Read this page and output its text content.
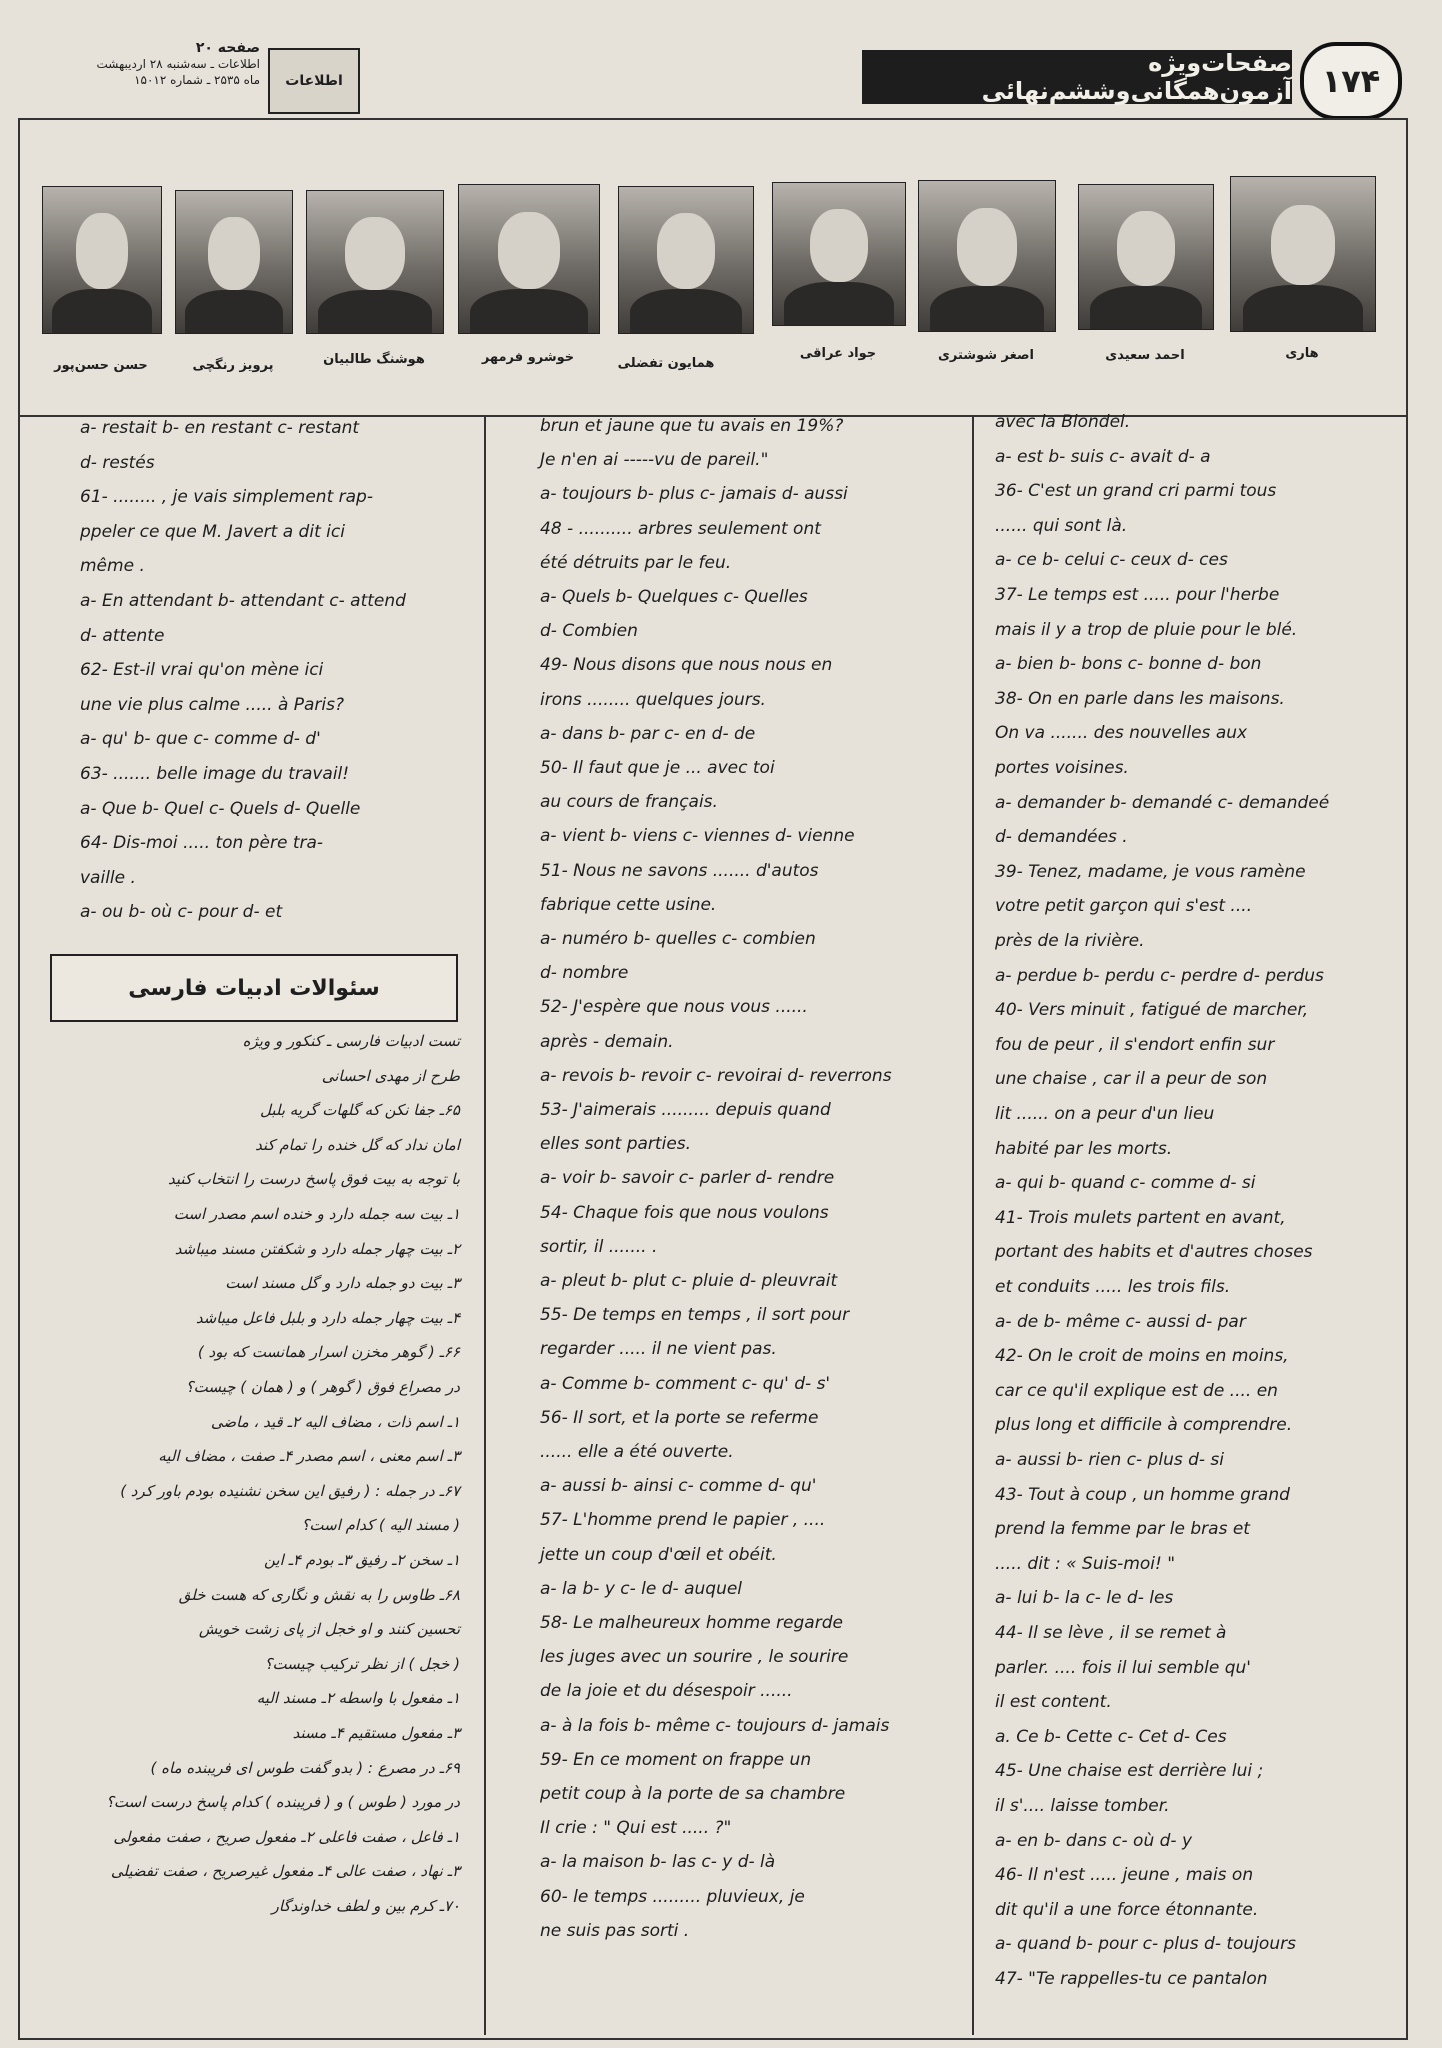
صفحه ۲۰
اطلاعات ـ سه‌شنبه ۲۸ اردیبهشت
ماه ۲۵۳۵ ـ شماره ۱۵۰۱۲	اطلاعات
صفحات‌ویژه آزمون‌همگانی‌و‌ششم‌نهائی ۱۷۴
حسن حسن‌پور	پرویز رنگچی	هوشنگ طالبیان	خوشرو فرمهر	همایون تفضلی
جواد عراقی	اصغر شوشتری	احمد سعیدی	هاری
a- restait b- en restant c- restant
d- restés
61- ........ , je vais simplement rap-
ppeler ce que M. Javert a dit ici
même .
a- En attendant b- attendant c- attend
d- attente
62- Est-il vrai qu'on mène ici
une vie plus calme ..... à Paris?
a- qu' b- que c- comme d- d'
63- ....... belle image du travail!
a- Que b- Quel c- Quels d- Quelle
64- Dis-moi ..... ton père tra-
vaille .
a- ou b- où c- pour d- et
سئوالات ادبیات فارسی
تست ادبیات فارسی ـ کنکور و ویژه
طرح از مهدی احسانی
۶۵ـ جفا نکن که گلهات گریه بلبل
امان نداد که گل خنده را تمام کند
با توجه به بیت فوق پاسخ درست را انتخاب کنید
۱ـ بیت سه جمله دارد و خنده اسم مصدر است
۲ـ بیت چهار جمله دارد و شکفتن مسند میباشد
۳ـ بیت دو جمله دارد و گل مسند است
۴ـ بیت چهار جمله دارد و بلبل فاعل میباشد
۶۶ـ ( گوهر مخزن اسرار همانست که بود )
در مصراع فوق ( گوهر ) و ( همان ) چیست؟
۱ـ اسم ذات ، مضاف الیه ۲ـ قید ، ماضی
۳ـ اسم معنی ، اسم مصدر ۴ـ صفت ، مضاف الیه
۶۷ـ در جمله : ( رفیق این سخن نشنیده بودم باور کرد )
( مسند الیه ) کدام است؟
۱ـ سخن ۲ـ رفیق ۳ـ بودم ۴ـ این
۶۸ـ طاوس را به نقش و نگاری که هست خلق
تحسین کنند و او خجل از پای زشت خویش
( خجل ) از نظر ترکیب چیست؟
۱ـ مفعول با واسطه ۲ـ مسند الیه
۳ـ مفعول مستقیم ۴ـ مسند
۶۹ـ در مصرع : ( بدو گفت طوس ای فریبنده ماه )
در مورد ( طوس ) و ( فریبنده ) کدام پاسخ درست است؟
۱ـ فاعل ، صفت فاعلی ۲ـ مفعول صریح ، صفت مفعولی
۳ـ نهاد ، صفت عالی ۴ـ مفعول غیرصریح ، صفت تفضیلی
۷۰ـ کرم بین و لطف خداوندگار
brun et jaune que tu avais en 19%?
Je n'en ai -----vu de pareil."
a- toujours b- plus c- jamais d- aussi
48 - .......... arbres seulement ont
été détruits par le feu.
a- Quels b- Quelques c- Quelles
d- Combien
49- Nous disons que nous nous en
irons ........ quelques jours.
a- dans b- par c- en d- de
50- Il faut que je ... avec toi
au cours de français.
a- vient b- viens c- viennes d- vienne
51- Nous ne savons ....... d'autos
fabrique cette usine.
a- numéro b- quelles c- combien
d- nombre
52- J'espère que nous vous ......
après - demain.
a- revois b- revoir c- revoirai d- reverrons
53- J'aimerais ......... depuis quand
elles sont parties.
a- voir b- savoir c- parler d- rendre
54- Chaque fois que nous voulons
sortir, il ....... .
a- pleut b- plut c- pluie d- pleuvrait
55- De temps en temps , il sort pour
regarder ..... il ne vient pas.
a- Comme b- comment c- qu' d- s'
56- Il sort, et la porte se referme
...... elle a été ouverte.
a- aussi b- ainsi c- comme d- qu'
57- L'homme prend le papier , ....
jette un coup d'œil et obéit.
a- la b- y c- le d- auquel
58- Le malheureux homme regarde
les juges avec un sourire , le sourire
de la joie et du désespoir ......
a- à la fois b- même c- toujours d- jamais
59- En ce moment on frappe un
petit coup à la porte de sa chambre
Il crie : " Qui est ..... ?"
a- la maison b- las c- y d- là
60- le temps ......... pluvieux, je
ne suis pas sorti .
avec la Blondel.
a- est b- suis c- avait d- a
36- C'est un grand cri parmi tous
...... qui sont là.
a- ce b- celui c- ceux d- ces
37- Le temps est ..... pour l'herbe
mais il y a trop de pluie pour le blé.
a- bien b- bons c- bonne d- bon
38- On en parle dans les maisons.
On va ....... des nouvelles aux
portes voisines.
a- demander b- demandé c- demandeé
d- demandées .
39- Tenez, madame, je vous ramène
votre petit garçon qui s'est ....
près de la rivière.
a- perdue b- perdu c- perdre d- perdus
40- Vers minuit , fatigué de marcher,
fou de peur , il s'endort enfin sur
une chaise , car il a peur de son
lit ...... on a peur d'un lieu
habité par les morts.
a- qui b- quand c- comme d- si
41- Trois mulets partent en avant,
portant des habits et d'autres choses
et conduits ..... les trois fils.
a- de b- même c- aussi d- par
42- On le croit de moins en moins,
car ce qu'il explique est de .... en
plus long et difficile à comprendre.
a- aussi b- rien c- plus d- si
43- Tout à coup , un homme grand
prend la femme par le bras et
..... dit : « Suis-moi! "
a- lui b- la c- le d- les
44- Il se lève , il se remet à
parler. .... fois il lui semble qu'
il est content.
a. Ce b- Cette c- Cet d- Ces
45- Une chaise est derrière lui ;
il s'.... laisse tomber.
a- en b- dans c- où d- y
46- Il n'est ..... jeune , mais on
dit qu'il a une force étonnante.
a- quand b- pour c- plus d- toujours
47- "Te rappelles-tu ce pantalon
